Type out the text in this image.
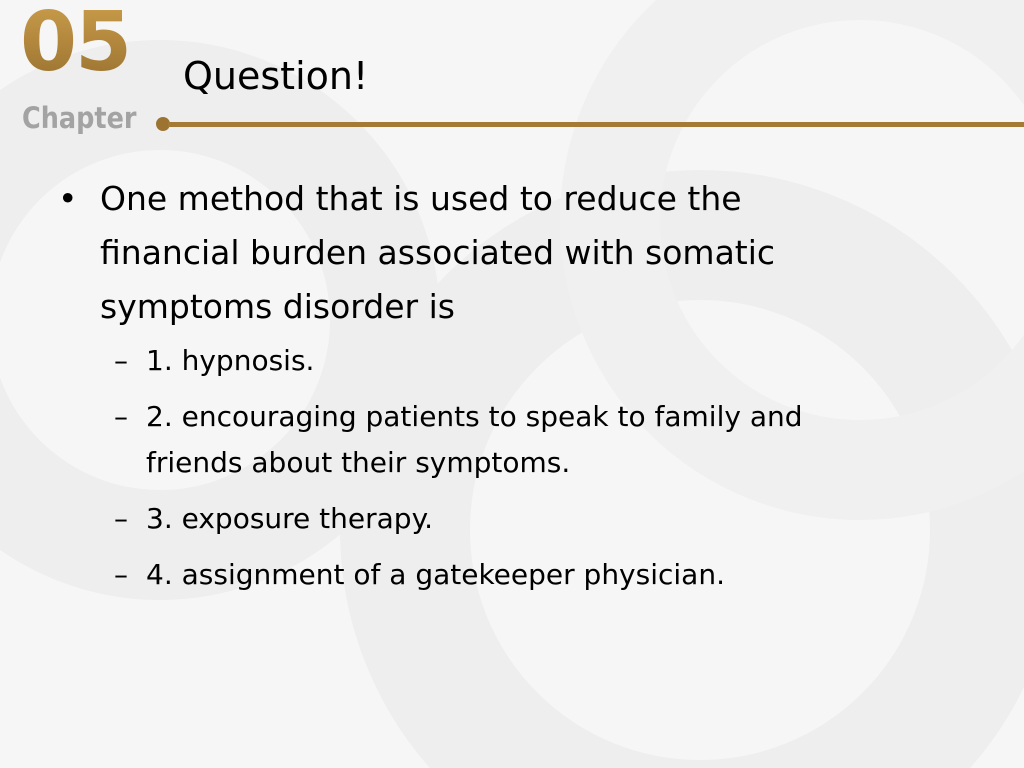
05
Chapter
Question!
• One method that is used to reduce the financial burden associated with somatic symptoms disorder is
– 1. hypnosis.
– 2. encouraging patients to speak to family and friends about their symptoms.
– 3. exposure therapy.
– 4. assignment of a gatekeeper physician.
